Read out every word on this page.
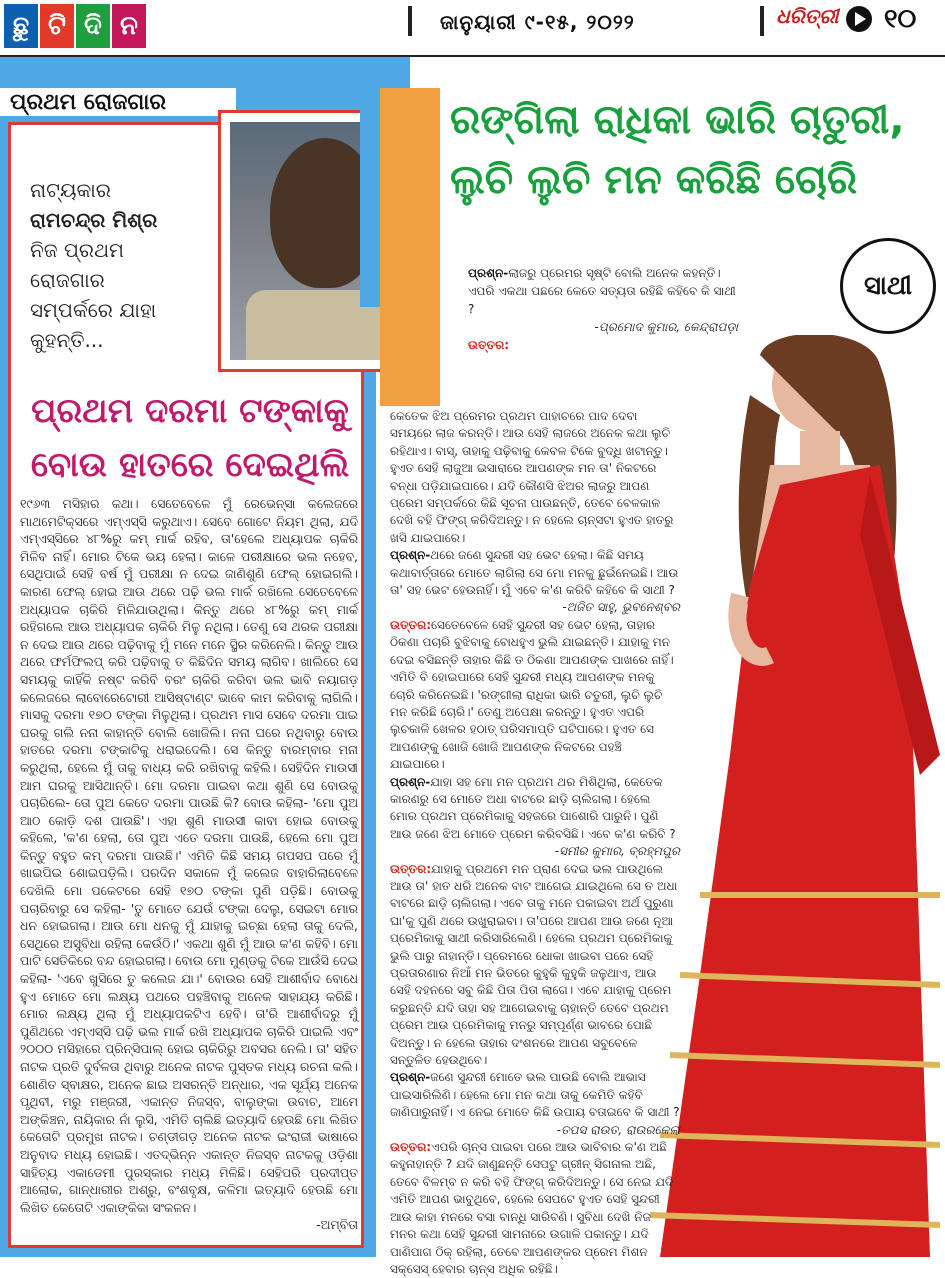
ଛୁ ଟି ଦି ନ	ଜାନୁୟାରୀ ୯-୧୫, ୨୦୨୨	ଧରିତ୍ରୀ ୧୦
ପ୍ରଥମ ରୋଜଗାର
ନାଟ୍ୟକାର
ରାମଚନ୍ଦ୍ର ମିଶ୍ର
ନିଜ ପ୍ରଥମ
ରୋଜଗାର
ସମ୍ପର୍କରେ ଯାହା
କୁହନ୍ତି...
ପ୍ରଥମ ଦରମା ଟଙ୍କାକୁ
ବୋଉ ହାତରେ ଦେଇଥିଲି

୧୯୬୩ ମସିହାର କଥା। ସେତେବେଳେ ମୁଁ ରେଭେନ୍ସା କଲେଜରେ ମାଥମେଟିକ୍ସରେ ଏମ୍‌ଏସ୍‌ସି କରୁଥାଏ। ସେବେ ଗୋଟେ ନିୟମ ଥିଲା, ଯଦି ଏମ୍‌ଏସ୍‌ସିରେ ୪୮%ରୁ କମ୍ ମାର୍କ ରହିବ, ତା'ହେଲେ ଅଧ୍ୟାପକ ଚାକିରି ମିଳିବ ନାହିଁ। ମୋର ଟିକେ ଭୟ ହେଲା। କାଳେ ପରୀକ୍ଷାରେ ଭଲ ନହେବ, ସେଥିପାଇଁ ସେହି ବର୍ଷ ମୁଁ ପରୀକ୍ଷା ନ ଦେଇ ଜାଣିଶୁଣି ଫେଲ୍ ହୋଇଗଲି। କାରଣ ଫେଲ୍ ହୋଇ ଆଉ ଥରେ ପଢ଼ି ଭଲ ମାର୍କ ରଖିଲେ ସେତେବେଳେ ଅଧ୍ୟାପକ ଚାକିରି ମିଳିଯାଉଥିଲା। କିନ୍ତୁ ଥରେ ୪୮%ରୁ କମ୍ ମାର୍କ ରହିଗଲେ ଆଉ ଅଧ୍ୟାପକ ଚାକିରି ମିଳୁ ନଥିଲା। ତେଣୁ ସେ ଥରକ ପରୀକ୍ଷା ନ ଦେଇ ଆଉ ଥରେ ପଢ଼ିବାକୁ ମୁଁ ମନେ ମନେ ସ୍ଥିର କରିନେଲି। କିନ୍ତୁ ଆଉ ଥରେ ଫର୍ମଫିଲପ୍ କରି ପଢ଼ିବାକୁ ତ କିଛିଦିନ ସମୟ ଲାଗିବ। ଖାଲିରେ ସେ ସମୟକୁ କାହିଁକି ନଷ୍ଟ କରିବି ବରଂ ଚାକିରି କରିବା ଭଲ ଭାବି ନୟାଗଡ଼ କଲେଜରେ ଲାବୋରେଟୋରୀ ଆସିଷ୍ଟାଣ୍ଟ ଭାବେ କାମ କରିବାକୁ ଲାଗିଲି। ମାସକୁ ଦରମା ୧୭୦ ଟଙ୍କା ମିଳୁଥିଲା। ପ୍ରଥମ ମାସ ସେବେ ଦରମା ପାଇ ଘରକୁ ଗଲି ନନା କାହାନ୍ତି ବୋଲି ଖୋଜିଲି। ନନା ଘରେ ନଥିବାରୁ ବୋଉ ହାତରେ ଦରମା ଟଙ୍କାଟିକୁ ଧରାଇଦେଲି। ସେ କିନ୍ତୁ ବାରମ୍ବାର ମନା କରୁଥିଲା, ହେଲେ ମୁଁ ତାକୁ ବାଧ୍ୟ କରି ରଖିବାକୁ କହିଲି। ସେହିଦିନ ମାଉସୀ ଆମ ଘରକୁ ଆସିଥାନ୍ତି। ମୋ ଦରମା ପାଇବା କଥା ଶୁଣି ସେ ବୋଉକୁ ପଚାରିଲେ- ତୋ ପୁଅ କେତେ ଦରମା ପାଉଛି କି? ବୋଉ କହିଲା- 'ମୋ ପୁଅ ଆଠ କୋଡ଼ି ଦଶ ପାଉଛି'। ଏହା ଶୁଣି ମାଉସୀ କାବା ହୋଇ ବୋଉକୁ କହିଲେ, 'କ'ଣ ହେଲା, ତୋ ପୁଅ ଏତେ ଦରମା ପାଉଛି, ହେଲେ ମୋ ପୁଅ କିନ୍ତୁ ବହୁତ କମ୍ ଦରମା ପାଉଛି।' ଏମିତି କିଛି ସମୟ ଗପସପ ପରେ ମୁଁ ଖାଇପିଇ ଶୋଇପଡ଼ିଲି। ପରଦିନ ସକାଳେ ମୁଁ କଲେଜ ବାହାରିଲାବେଳେ ଦେଖିଲି ମୋ ପକେଟରେ ସେହି ୧୭୦ ଟଙ୍କା ପୁଣି ପଡ଼ିଛି। ବୋଉକୁ ପଚାରିବାରୁ ସେ କହିଲା- 'ତୁ ମୋତେ ଯେଉଁ ଟଙ୍କା ଦେଲୁ, ସେଇଟା ମୋର ଧନ ହୋଇଗଲା। ଆଉ ମୋ ଧନକୁ ମୁଁ ଯାହାକୁ ଇଚ୍ଛା ହେଲା ତାକୁ ଦେଲି, ସେଥିରେ ଅସୁବିଧା ରହିଲା କେଉଁଠି।' ଏକଥା ଶୁଣି ମୁଁ ଆଉ କ'ଣ କହିବି। ମୋ ପାଟି ସେତିକିରେ ବନ୍ଦ ହୋଇଗଲା। ବୋଉ ମୋ ମୁଣ୍ଡକୁ ଟିକେ ଆଉଁସି ଦେଇ କହିଲା- 'ଏବେ ଖୁସିରେ ତୁ କଲେଜ ଯା।' ବୋଉର ସେହି ଆଶୀର୍ବାଦ ବୋଧେ ହୁଏ ମୋତେ ମୋ ଲକ୍ଷ୍ୟ ପଥରେ ପହଞ୍ଚିବାକୁ ଅନେକ ସାହାଯ୍ୟ କରିଛି। ମୋର ଲକ୍ଷ୍ୟ ଥିଲା ମୁଁ ଅଧ୍ୟାପକଟିଏ ହେବି। ତା'ରି ଆଶୀର୍ବାଦରୁ ମୁଁ ପୁଣିଥରେ ଏମ୍‌ଏସ୍‌ସି ପଢ଼ି ଭଲ ମାର୍କ ରଖି ଅଧ୍ୟାପକ ଚାକିରି ପାଇଲି ଏବଂ ୨୦୦୦ ମସିହାରେ ପ୍ରିନ୍ସିପାଲ୍ ହୋଇ ଚାକିରିରୁ ଅବସର ନେଲି। ତା' ସହିତ ନାଟକ ପ୍ରତି ଦୁର୍ବଳତା ଥିବାରୁ ଅନେକ ନାଟକ ପୁସ୍ତକ ମଧ୍ୟ ରଚନା କଲି। ଶୋଣିତ ସ୍ବାକ୍ଷର, ଅନେକ ଛାଇ ଅସରନ୍ତି ଅନ୍ଧାର, ଏକ ସୂର୍ଯ୍ୟ ଅନେକ ପୃଥିବୀ, ମରୁ ମଞ୍ଜରୀ, ଏକାନ୍ତ ନିଜସ୍ବ, ବାଲୁଙ୍କା ଉବାଚ, ଆମେ ଅଙ୍କିଞ୍ଚନ, ନାୟିକାର ନାଁ ଲୁସି, ଏମିତି ଚାଲିଛି ଇତ୍ୟାଦି ହେଉଛି ମୋ ଲିଖିତ କେତୋଟି ପ୍ରମୁଖ ନାଟକ। ଚଣ୍ଡୀଗଡ଼ ଅନେକ ନାଟକ ଇଂରାଜୀ ଭାଷାରେ ଅନୁବାଦ ମଧ୍ୟ ହୋଇଛି। ଏତଦ୍ଭିନ୍ନ ଏକାନ୍ତ ନିଜସ୍ବ ନାଟକକୁ ଓଡ଼ିଶା ସାହିତ୍ୟ ଏକାଡେମୀ ପୁରସ୍କାର ମଧ୍ୟ ମିଳିଛି। ସେହିପରି ପ୍ରଦୀପ୍ତ ଆଲୋକ, ଗାନ୍ଧାରୀର ଅଶ୍ରୁ, ବଂଶବୃକ୍ଷ, କଳିମା ଇତ୍ୟାଦି ହେଉଛି ମୋ ଲିଖିତ କେତୋଟି ଏକାଙ୍କିକା ସଂକଳନ।

-ଅମ୍ବିତା
ରଙ୍ଗିଲା ରାଧିକା ଭାରି ଚାତୁରୀ,
ଲୁଚି ଲୁଚି ମନ କରିଛି ଚୋରି
ସାଥୀ
ପ୍ରଶ୍ନ-ଲାଜରୁ ପ୍ରେମର ସୃଷ୍ଟି ବୋଲି ଅନେକ କହନ୍ତି। ଏପରି ଏକଥା ପଛରେ କେତେ ସତ୍ୟତା ରହିଛି କହିବେ କି ସାଥୀ ?
-ପ୍ରମୋଦ କୁମାର, କେନ୍ଦ୍ରାପଡ଼ା
ଉତ୍ତର:

କେତେକ ଝିଅ ପ୍ରେମର ପ୍ରଥମ ପାହାଚରେ ପାଦ ଦେବା ସମୟରେ ଲାଜ କରନ୍ତି। ଆଉ ସେହି ଲାଜରେ ଅନେକ କଥା ଲୁଚି ରହିଥାଏ। ବାସ୍, ତାହାକୁ ପଢ଼ିବାକୁ କେବଳ ଟିକେ ବୁଦ୍ଧି ଖଟାନ୍ତୁ। ହୁଏତ ସେହି ଲାଜୁଆ ଇସାରାରେ ଆପଣଙ୍କ ମନ ତା' ନିକଟରେ ବନ୍ଧା ପଡ଼ିଯାଇପାରେ। ଯଦି କୌଣସି ଝିଅର ଲାଜରୁ ଆପଣ ପ୍ରେମ ସମ୍ପର୍କରେ କିଛି ସୂଚନା ପାଉଛନ୍ତି, ତେବେ ବେଳକାଳ ଦେଖି ବହି ଫିଙ୍ଗ୍ କରିଦିଅନ୍ତୁ। ନ ହେଲେ ଚାନ୍ସଟା ହୁଏତ ହାତରୁ ଖସି ଯାଇପାରେ।

ପ୍ରଶ୍ନ-ଥରେ ଜଣେ ସୁନ୍ଦରୀ ସହ ଭେଟ ହେଲା। କିଛି ସମୟ କଥାବାର୍ତ୍ତାରେ ମୋତେ ଲାଗିଲା ସେ ମୋ ମନକୁ ଛୁଇଁନେଇଛି। ଆଉ ତା' ସହ ଭେଟ ହେଉନାହିଁ। ମୁଁ ଏବେ କ'ଣ କରିବି କହିବେ କି ସାଥୀ ?

-ଅଜିତ ସାହୁ, ଭୁବନେଶ୍ବର

ଉତ୍ତର:ସେତେବେଳେ ସେହି ସୁନ୍ଦରୀ ସହ ଭେଟ ହେଲା, ତାହାର ଠିକଣା ପଚାରି ବୁଝିବାକୁ ବୋଧହୁଏ ଭୁଲି ଯାଇଛନ୍ତି। ଯାହାକୁ ମନ ଦେଇ ବସିଛନ୍ତି ତାହାର କିଛି ତ ଠିକଣା ଆପଣଙ୍କ ପାଖରେ ନାହିଁ। ଏମିତି ବି ହୋଇପାରେ ସେହି ସୁନ୍ଦରୀ ମଧ୍ୟ ଆପଣଙ୍କ ମନକୁ ଚୋରି କରିନେଇଛି। 'ରଙ୍ଗୀଲା ରାଧିକା ଭାରି ଚତୁରୀ, ଲୁଚି ଲୁଚି ମନ କରିଛି ଚୋରି।' ତେଣୁ ଅପେକ୍ଷା କରନ୍ତୁ। ହୁଏତ ଏପରି ଲୁଚକାଳି ଖେଳର ହଠାତ୍ ପରିସମାପ୍ତି ଘଟିପାରେ। ହୁଏତ ସେ ଆପଣଙ୍କୁ ଖୋଜି ଖୋଜି ଆପଣଙ୍କ ନିକଟରେ ପହଞ୍ଚି ଯାଇପାରେ।

ପ୍ରଶ୍ନ-ଯାହା ସହ ମୋ ମନ ପ୍ରଥମ ଥର ମିଶିଥିଲା, କେତେକ କାରଣରୁ ସେ ମୋତେ ଅଧା ବାଟରେ ଛାଡ଼ି ଚାଲିଗଲା। ହେଲେ ମୋର ପ୍ରଥମ ପ୍ରେମିକାକୁ ସହଜରେ ପାଶୋରି ପାରୁନି। ପୁଣି ଆଉ ଜଣେ ଝିଅ ମୋତେ ପ୍ରେମ କରିବସିଛି। ଏବେ କ'ଣ କରିବି ?

-ସମୀର କୁମାର, ବ୍ରହ୍ମପୁର

ଉତ୍ତର:ଯାହାକୁ ପ୍ରଥମେ ମନ ପ୍ରାଣ ଦେଇ ଭଲ ପାଉଥିଲେ ଆଉ ତା' ହାତ ଧରି ଅନେକ ବାଟ ଆଗେଇ ଯାଇଥିଲେ ସେ ତ ଅଧା ବାଟରେ ଛାଡ଼ି ଚାଲିଗଲା। ଏବେ ତାକୁ ମନେ ପକାଇବା ଅର୍ଥ ପୁରୁଣା ଘା'କୁ ପୁଣି ଥରେ ଉଖୁରାଇବା। ତା'ପରେ ଆପଣ ଆଉ ଜଣେ ନୂଆ ପ୍ରେମିକାକୁ ସାଥୀ କରିସାରିଲେଣି। ହେଲେ ପ୍ରଥମ ପ୍ରେମିକାକୁ ଭୁଲି ପାରୁ ନାହାନ୍ତି। ପ୍ରେମରେ ଧୋକା ଖାଇବା ପରେ ସେହି ପ୍ରତାରଣାର ନିଆଁ ମନ ଭିତରେ କୁହୁକି କୁହୁକି ଜଳୁଥାଏ, ଆଉ ସେହି ଦହନରେ ସବୁ କିଛି ପିତା ପିତା ଲାଗେ। ଏବେ ଯାହାକୁ ପ୍ରେମ କରୁଛନ୍ତି ଯଦି ତାହା ସହ ଆଗେଇବାକୁ ଚାହାନ୍ତି ତେବେ ପ୍ରଥମ ପ୍ରେମ ଆଉ ପ୍ରେମିକାକୁ ମନରୁ ସମ୍ପୂର୍ଣ୍ଣ ଭାବରେ ପୋଛି ଦିଅନ୍ତୁ। ନ ହେଲେ ତାହାର ଦଂଶନରେ ଆପଣ ସବୁବେଳେ ସନ୍ତୁଳିତ ହେଉଥିବେ।

ପ୍ରଶ୍ନ-ଜଣେ ସୁନ୍ଦରୀ ମୋତେ ଭଲ ପାଉଛି ବୋଲି ଆଭାସ ପାଇସାରିଲିଣି। ହେଲେ ମୋ ମନ କଥା ତାକୁ କେମିତି କହିବି ଜାଣିପାରୁନାହିଁ। ଏ ନେଇ ମୋତେ କିଛି ଉପାୟ ବତାଇବେ କି ସାଥୀ ?

-ତପସ ରାଉତ, ରାଉରକେଲା

ଉତ୍ତର:ଏପରି ଚାନ୍ସ ପାଇବା ପରେ ଆଉ ଭାବିବାର କ'ଣ ଅଛି କହୁନାହାନ୍ତି ? ଯଦି ଜାଣୁଛନ୍ତି ସେପଟୁ ଗ୍ରୀନ୍ ସିଗନାଲ ଅଛି, ତେବେ ବିଳମ୍ବ ନ କରି ବହି ଫିଙ୍ଗ୍ କରିଦିଅନ୍ତୁ। ସେ ନେଇ ଯଦି ଏମିତି ଆପଣ ଭାବୁଥିବେ, ହେଲେ ସେପଟେ ହୁଏତ ସେହି ସୁନ୍ଦରୀ ଆଉ କାହା ମନରେ ବସା ବାନ୍ଧି ସାରିବଣି। ସୁବିଧା ଦେଖି ନିଜ ମନର କଥା ସେହି ସୁନ୍ଦରୀ ସାମନାରେ ଉଗାଳି ପକାନ୍ତୁ। ଯଦି ପାଣିପାଗ ଠିକ୍ ରହିଲା, ତେବେ ଆପଣଙ୍କର ପ୍ରେମ ମିଶନ ସକ୍‌ସେସ୍ ହେବାର ଚାନ୍ସ ଅଧିକ ରହିଛି।
